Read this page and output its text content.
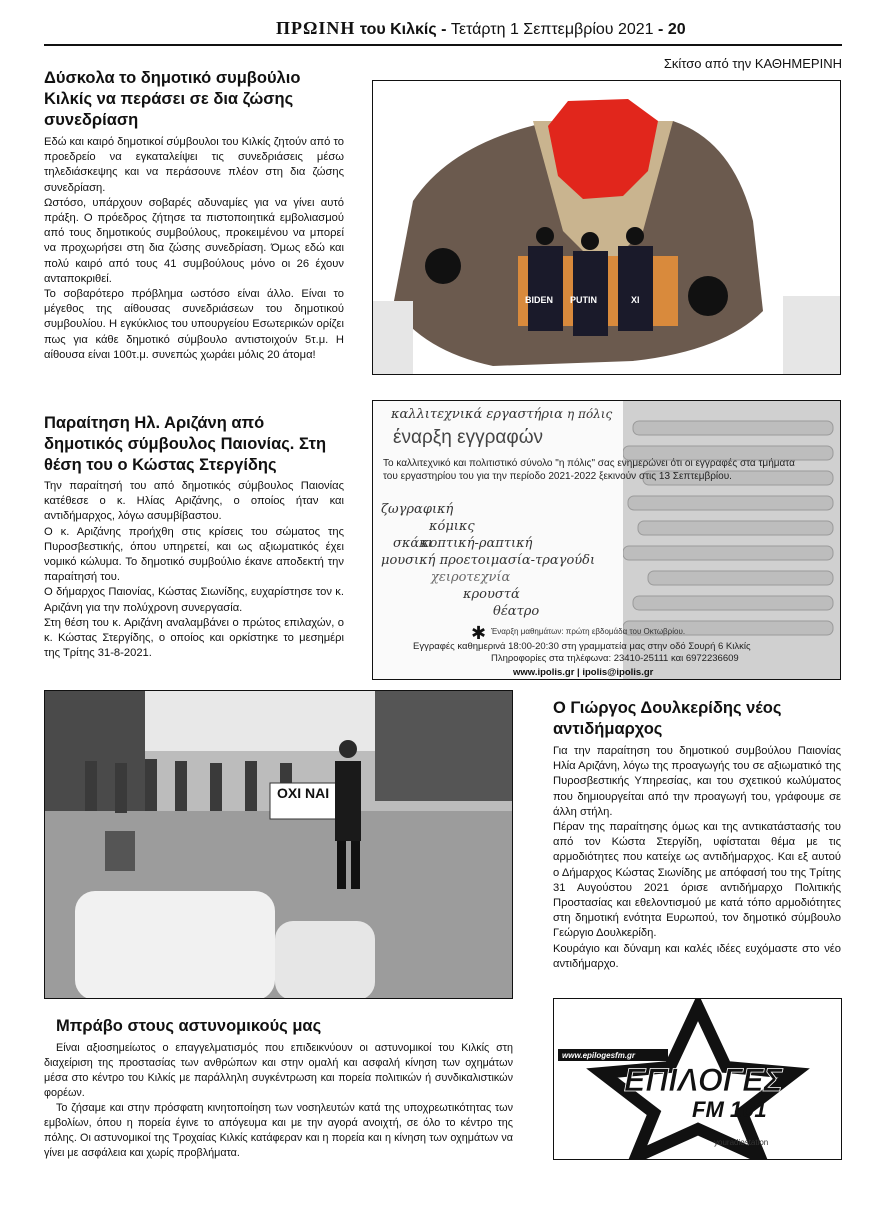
ΠΡΩΙΝΗ του Κιλκίς - Τετάρτη 1 Σεπτεμβρίου 2021 - 20
Σκίτσο από την ΚΑΘΗΜΕΡΙΝΗ
Δύσκολα το δημοτικό συμβούλιο Κιλκίς να περάσει σε δια ζώσης συνεδρίαση

Εδώ και καιρό δημοτικοί σύμβουλοι του Κιλκίς ζητούν από το προεδρείο να εγκαταλείψει τις συνεδριάσεις μέσω τηλεδιάσκεψης και να περάσουνε πλέον στη δια ζώσης συνεδρίαση.

Ωστόσο, υπάρχουν σοβαρές αδυναμίες για να γίνει αυτό πράξη. Ο πρόεδρος ζήτησε τα πιστοποιητικά εμβολιασμού από τους δημοτικούς συμβούλους, προκειμένου να μπορεί να προχωρήσει στη δια ζώσης συνεδρίαση. Όμως εδώ και πολύ καιρό από τους 41 συμβούλους μόνο οι 26 έχουν ανταποκριθεί.

Το σοβαρότερο πρόβλημα ωστόσο είναι άλλο. Είναι το μέγεθος της αίθουσας συνεδριάσεων του δημοτικού συμβουλίου. Η εγκύκλιος του υπουργείου Εσωτερικών ορίζει πως για κάθε δημοτικό σύμβουλο αντιστοιχούν 5τ.μ. Η αίθουσα είναι 100τ.μ. συνεπώς χωράει μόλις 20 άτομα!

BIDEN PUTIN	XI
Παραίτηση Ηλ. Αριζάνη από δημοτικός σύμβουλος Παιονίας. Στη θέση του ο Κώστας Στεργίδης

Την παραίτησή του από δημοτικός σύμβουλος Παιονίας κατέθεσε ο κ. Ηλίας Αριζάνης, ο οποίος ήταν και αντιδήμαρχος, λόγω ασυμβίβαστου.

Ο κ. Αριζάνης προήχθη στις κρίσεις του σώματος της Πυροσβεστικής, όπου υπηρετεί, και ως αξιωματικός έχει νομικό κώλυμα. Το δημοτικό συμβούλιο έκανε αποδεκτή την παραίτησή του.

Ο δήμαρχος Παιονίας, Κώστας Σιωνίδης, ευχαρίστησε τον κ. Αριζάνη για την πολύχρονη συνεργασία.

Στη θέση του κ. Αριζάνη αναλαμβάνει ο πρώτος επιλαχών, ο κ. Κώστας Στεργίδης, ο οποίος και ορκίστηκε το μεσημέρι της Τρίτης 31-8-2021.

καλλιτεχνικά εργαστήρια η πόλις
έναρξη εγγραφών
Το καλλιτεχνικό και πολιτιστικό σύνολο "η πόλις" σας ενημερώνει ότι οι εγγραφές στα τμήματα του εργαστηρίου του για την περίοδο 2021-2022 ξεκινούν στις 13 Σεπτεμβρίου.
ζωγραφική
κόμικς
σκάκι
κοπτική-ραπτική
μουσική προετοιμασία-τραγούδι
χειροτεχνία
κρουστά
θέατρο
✱ Έναρξη μαθημάτων: πρώτη εβδομάδα του Οκτωβρίου.
Εγγραφές καθημερινά 18:00-20:30 στη γραμματεία μας στην οδό Σουρή 6 Κιλκίς
Πληροφορίες στα τηλέφωνα: 23410-25111 και 6972236609
www.ipolis.gr | ipolis@ipolis.gr
ΟΧΙ ΝΑΙ
Ο Γιώργος Δουλκερίδης νέος αντιδήμαρχος

Για την παραίτηση του δημοτικού συμβούλου Παιονίας Ηλία Αριζάνη, λόγω της προαγωγής του σε αξιωματικό της Πυροσβεστικής Υπηρεσίας, και του σχετικού κωλύματος που δημιουργείται από την προαγωγή του, γράφουμε σε άλλη στήλη.

Πέραν της παραίτησης όμως και της αντικατάστασής του από τον Κώστα Στεργίδη, υφίσταται θέμα με τις αρμοδιότητες που κατείχε ως αντιδήμαρχος. Και εξ αυτού ο Δήμαρχος Κώστας Σιωνίδης με απόφασή του της Τρίτης 31 Αυγούστου 2021 όρισε αντιδήμαρχο Πολιτικής Προστασίας και εθελοντισμού με κατά τόπο αρμοδιότητες στη δημοτική ενότητα Ευρωπού, τον δημοτικό σύμβουλο Γεώργιο Δουλκερίδη.

Κουράγιο και δύναμη και καλές ιδέες ευχόμαστε στο νέο αντιδήμαρχο.

Μπράβο στους αστυνομικούς μας

Είναι αξιοσημείωτος ο επαγγελματισμός που επιδεικνύουν οι αστυνομικοί του Κιλκίς στη διαχείριση της προστασίας των ανθρώπων και στην ομαλή και ασφαλή κίνηση των οχημάτων μέσα στο κέντρο του Κιλκίς με παράλληλη συγκέντρωση και πορεία πολιτικών ή συνδικαλιστικών φορέων.

Το ζήσαμε και στην πρόσφατη κινητοποίηση των νοσηλευτών κατά της υποχρεωτικότητας των εμβολίων, όπου η πορεία έγινε το απόγευμα και με την αγορά ανοιχτή, σε όλο το κέντρο της πόλης. Οι αστυνομικοί της Τροχαίας Κιλκίς κατάφεραν και η πορεία και η κίνηση των οχημάτων να γίνει με ασφάλεια και χωρίς προβλήματα.

www.epilogesfm.gr
ΕΠΙΛΟΓΕΣ
FM 101
youradiostation
